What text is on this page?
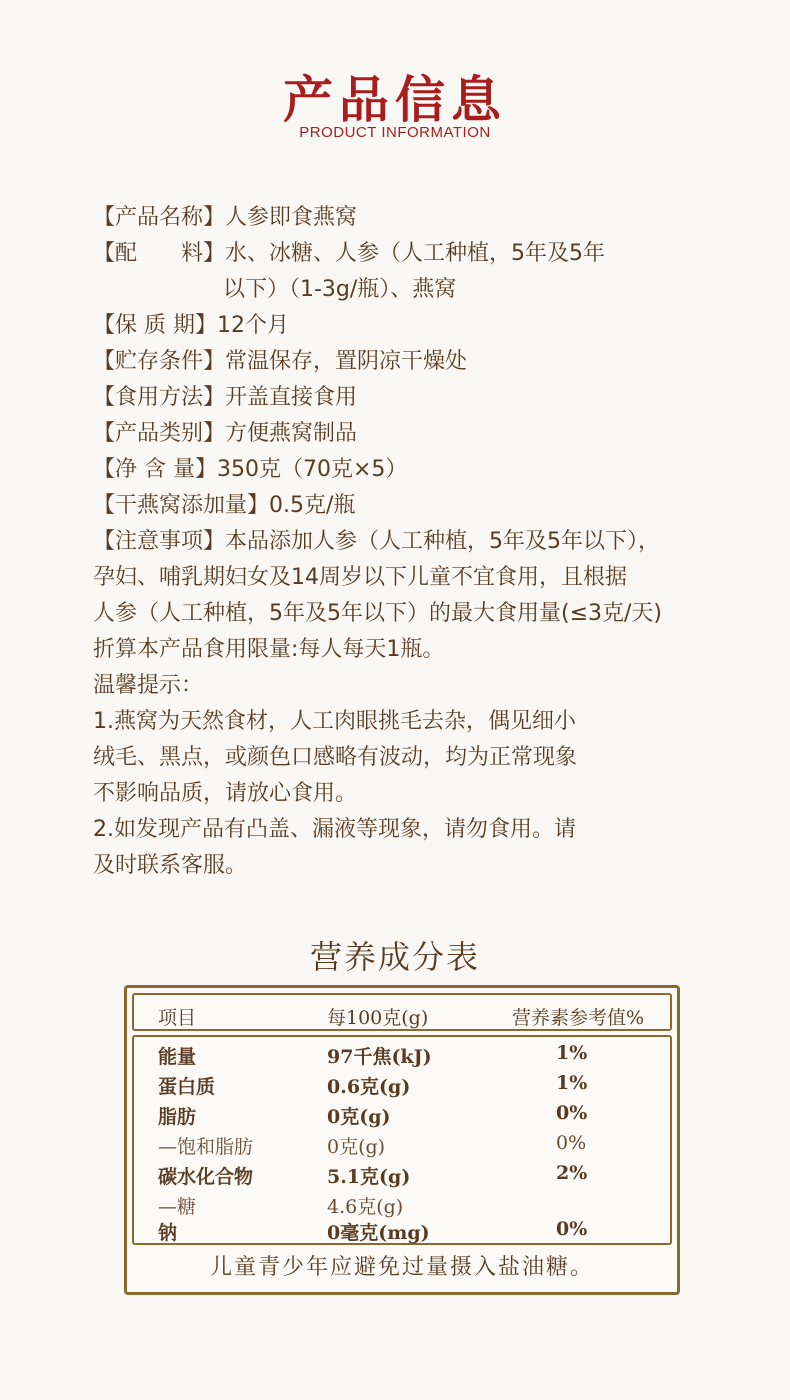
产品信息
PRODUCT INFORMATION
【产品名称】人参即食燕窝
【配　　料】水、冰糖、人参（人工种植，5年及5年
以下）（1-3g/瓶）、燕窝
【保 质 期】12个月
【贮存条件】常温保存，置阴凉干燥处
【食用方法】开盖直接食用
【产品类别】方便燕窝制品
【净 含 量】350克（70克×5）
【干燕窝添加量】0.5克/瓶
【注意事项】本品添加人参（人工种植，5年及5年以下），
孕妇、哺乳期妇女及14周岁以下儿童不宜食用，且根据
人参（人工种植，5年及5年以下）的最大食用量(≤3克/天)
折算本产品食用限量:每人每天1瓶。
温馨提示：
1.燕窝为天然食材，人工肉眼挑毛去杂，偶见细小
绒毛、黑点，或颜色口感略有波动，均为正常现象
不影响品质，请放心食用。
2.如发现产品有凸盖、漏液等现象，请勿食用。请
及时联系客服。
营养成分表
项目	每100克(g)	营养素参考值%
能量	97千焦(kJ)	1%
蛋白质	0.6克(g)	1%
脂肪	0克(g)	0%
—饱和脂肪	0克(g)	0%
碳水化合物	5.1克(g)	2%
—糖	4.6克(g)
钠	0毫克(mg)	0%
儿童青少年应避免过量摄入盐油糖。
